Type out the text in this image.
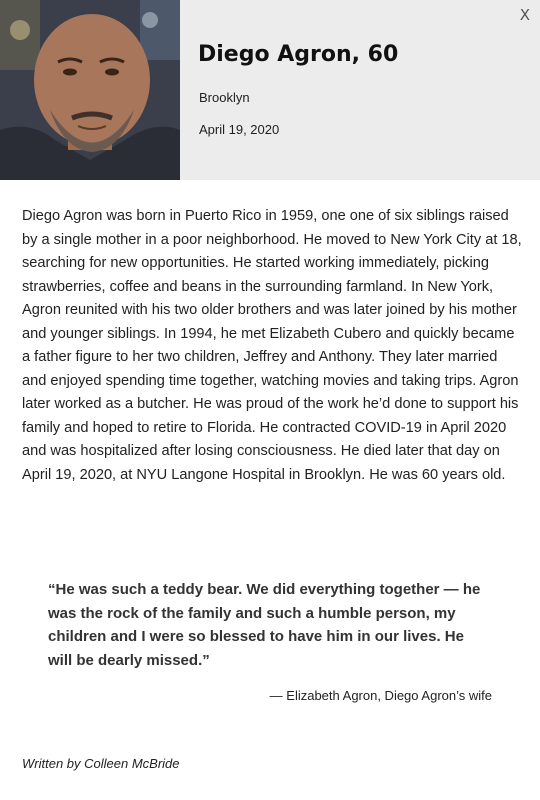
X
Diego Agron, 60
Brooklyn
April 19, 2020

Diego Agron was born in Puerto Rico in 1959, one one of six siblings raised by a single mother in a poor neighborhood. He moved to New York City at 18, searching for new opportunities. He started working immediately, picking strawberries, coffee and beans in the surrounding farmland. In New York, Agron reunited with his two older brothers and was later joined by his mother and younger siblings. In 1994, he met Elizabeth Cubero and quickly became a father figure to her two children, Jeffrey and Anthony. They later married and enjoyed spending time together, watching movies and taking trips. Agron later worked as a butcher. He was proud of the work he’d done to support his family and hoped to retire to Florida. He contracted COVID-19 in April 2020 and was hospitalized after losing consciousness. He died later that day on April 19, 2020, at NYU Langone Hospital in Brooklyn. He was 60 years old.

“He was such a teddy bear. We did everything together — he was the rock of the family and such a humble person, my children and I were so blessed to have him in our lives. He will be dearly missed.”

— Elizabeth Agron, Diego Agron’s wife
Written by Colleen McBride
